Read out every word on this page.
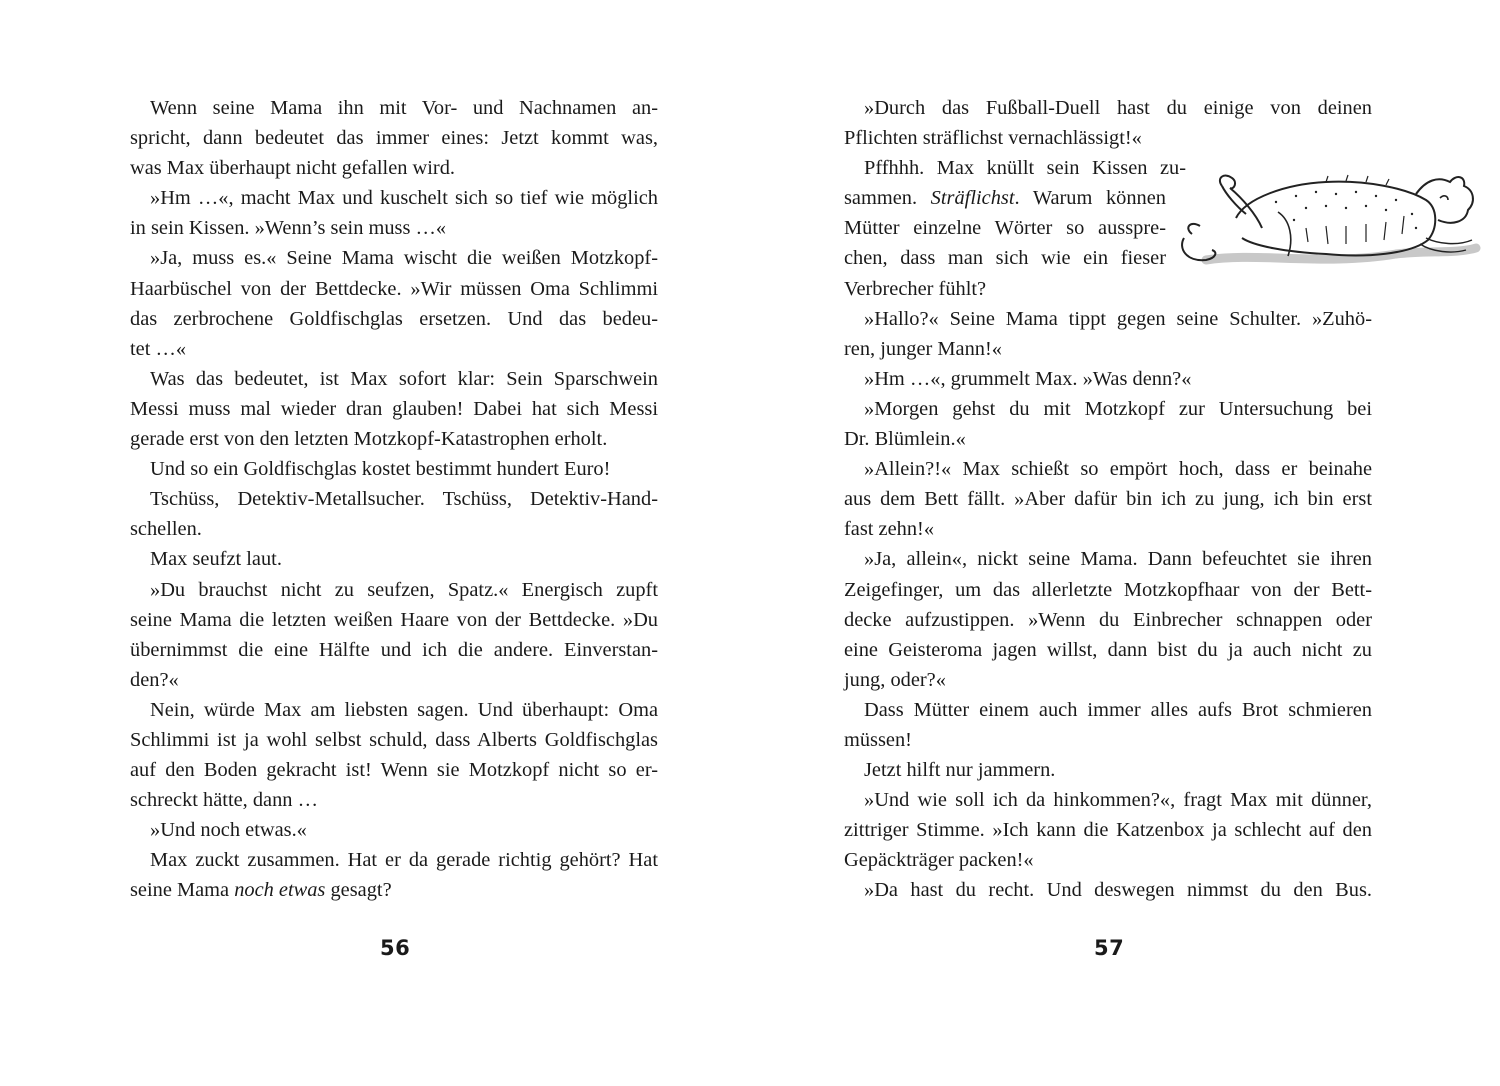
Wenn seine Mama ihn mit Vor- und Nachnamen an-
spricht, dann bedeutet das immer eines: Jetzt kommt was,
was Max überhaupt nicht gefallen wird.
»Hm …«, macht Max und kuschelt sich so tief wie möglich
in sein Kissen. »Wenn’s sein muss …«
»Ja, muss es.« Seine Mama wischt die weißen Motzkopf-
Haarbüschel von der Bettdecke. »Wir müssen Oma Schlimmi
das zerbrochene Goldfischglas ersetzen. Und das bedeu-
tet …«
Was das bedeutet, ist Max sofort klar: Sein Sparschwein
Messi muss mal wieder dran glauben! Dabei hat sich Messi
gerade erst von den letzten Motzkopf-Katastrophen erholt.
Und so ein Goldfischglas kostet bestimmt hundert Euro!
Tschüss, Detektiv-Metallsucher. Tschüss, Detektiv-Hand-
schellen.
Max seufzt laut.
»Du brauchst nicht zu seufzen, Spatz.« Energisch zupft
seine Mama die letzten weißen Haare von der Bettdecke. »Du
übernimmst die eine Hälfte und ich die andere. Einverstan-
den?«
Nein, würde Max am liebsten sagen. Und überhaupt: Oma
Schlimmi ist ja wohl selbst schuld, dass Alberts Goldfischglas
auf den Boden gekracht ist! Wenn sie Motzkopf nicht so er-
schreckt hätte, dann …
»Und noch etwas.«
Max zuckt zusammen. Hat er da gerade richtig gehört? Hat
seine Mama noch etwas gesagt?
56
»Durch das Fußball-Duell hast du einige von deinen
Pflichten sträflichst vernachlässigt!«
Pffhhh. Max knüllt sein Kissen zu-
sammen. Sträflichst. Warum können
Mütter einzelne Wörter so ausspre-
chen, dass man sich wie ein fieser
Verbrecher fühlt?
»Hallo?« Seine Mama tippt gegen seine Schulter. »Zuhö-
ren, junger Mann!«
»Hm …«, grummelt Max. »Was denn?«
»Morgen gehst du mit Motzkopf zur Untersuchung bei
Dr. Blümlein.«
»Allein?!« Max schießt so empört hoch, dass er beinahe
aus dem Bett fällt. »Aber dafür bin ich zu jung, ich bin erst
fast zehn!«
»Ja, allein«, nickt seine Mama. Dann befeuchtet sie ihren
Zeigefinger, um das allerletzte Motzkopfhaar von der Bett-
decke aufzustippen. »Wenn du Einbrecher schnappen oder
eine Geisteroma jagen willst, dann bist du ja auch nicht zu
jung, oder?«
Dass Mütter einem auch immer alles aufs Brot schmieren
müssen!
Jetzt hilft nur jammern.
»Und wie soll ich da hinkommen?«, fragt Max mit dünner,
zittriger Stimme. »Ich kann die Katzenbox ja schlecht auf den
Gepäckträger packen!«
»Da hast du recht. Und deswegen nimmst du den Bus.
57
